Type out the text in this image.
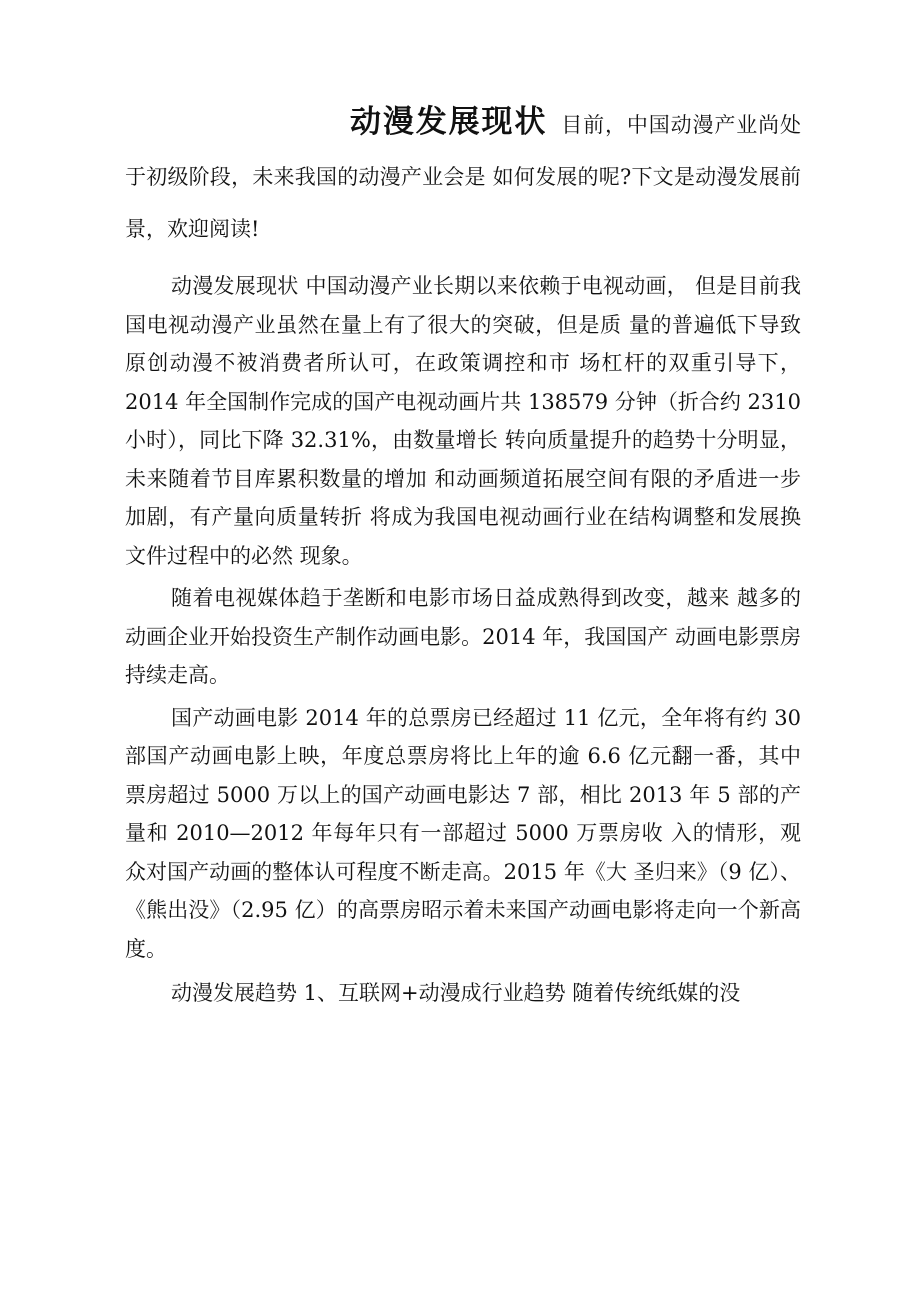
动漫发展现状 目前，中国动漫产业尚处于初级阶段，未来我国的动漫产业会是 如何发展的呢?下文是动漫发展前景，欢迎阅读!

动漫发展现状 中国动漫产业长期以来依赖于电视动画， 但是目前我国电视动漫产业虽然在量上有了很大的突破，但是质 量的普遍低下导致原创动漫不被消费者所认可，在政策调控和市 场杠杆的双重引导下，2014 年全国制作完成的国产电视动画片共 138579 分钟（折合约 2310 小时），同比下降 32.31%，由数量增长 转向质量提升的趋势十分明显，未来随着节目库累积数量的增加 和动画频道拓展空间有限的矛盾进一步加剧，有产量向质量转折 将成为我国电视动画行业在结构调整和发展换文件过程中的必然 现象。

随着电视媒体趋于垄断和电影市场日益成熟得到改变，越来 越多的动画企业开始投资生产制作动画电影。2014 年，我国国产 动画电影票房持续走高。

国产动画电影 2014 年的总票房已经超过 11 亿元，全年将有约 30 部国产动画电影上映，年度总票房将比上年的逾 6.6 亿元翻一番，其中票房超过 5000 万以上的国产动画电影达 7 部，相比 2013 年 5 部的产量和 2010—2012 年每年只有一部超过 5000 万票房收 入的情形，观众对国产动画的整体认可程度不断走高。2015 年《大 圣归来》（9 亿）、《熊出没》（2.95 亿）的高票房昭示着未来国产动画电影将走向一个新高度。

动漫发展趋势 1、互联网+动漫成行业趋势 随着传统纸媒的没
